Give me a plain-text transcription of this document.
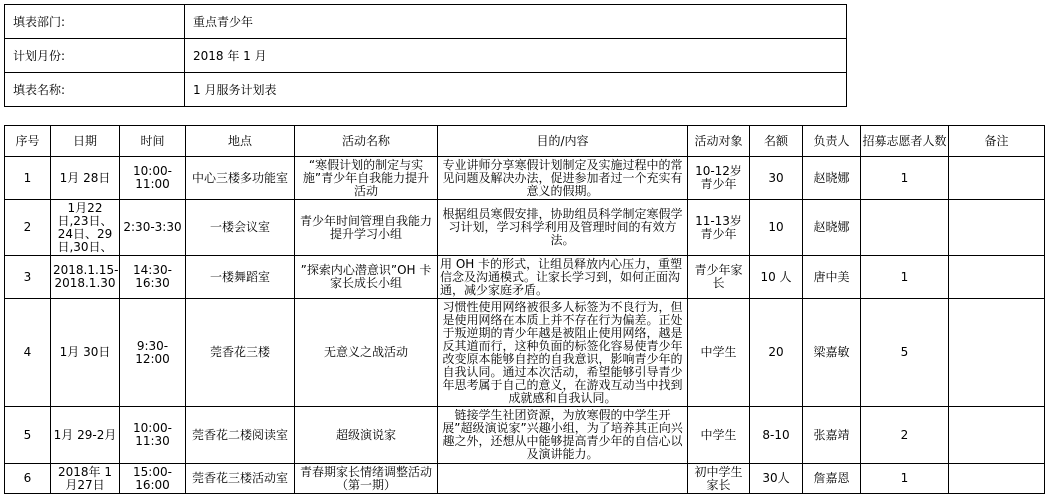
填表部门:	重点青少年
计划月份:	2018 年 1 月
填表名称:	1 月服务计划表
序号	日期	时间	地点	活动名称	目的/内容	活动对象	名额	负责人	招募志愿者人数	备注
1	1月 28日	10:00-11:00	中心三楼多功能室	“寒假计划的制定与实施”青少年自我能力提升活动	专业讲师分享寒假计划制定及实施过程中的常见问题及解决办法，促进参加者过一个充实有意义的假期。	10-12岁青少年	30	赵晓娜	1	
2	1月22日,23日、24日、29日,30日、	2:30-3:30	一楼会议室	青少年时间管理自我能力提升学习小组	根据组员寒假安排，协助组员科学制定寒假学习计划，学习科学利用及管理时间的有效方法。	11-13岁青少年	10	赵晓娜		
3	2018.1.15-2018.1.30	14:30-16:30	一楼舞蹈室	”探索内心潜意识”OH 卡家长成长小组	用 OH 卡的形式，让组员释放内心压力，重塑信念及沟通模式。让家长学习到，如何正面沟通，减少家庭矛盾。	青少年家长	10 人	唐中美	1	
4	1月 30日	9:30-12:00	莞香花三楼	无意义之战活动	习惯性使用网络被很多人标签为不良行为，但是使用网络在本质上并不存在行为偏差。正处于叛逆期的青少年越是被阻止使用网络，越是反其道而行，这种负面的标签化容易使青少年改变原本能够自控的自我意识，影响青少年的自我认同。通过本次活动，希望能够引导青少年思考属于自己的意义，在游戏互动当中找到成就感和自我认同。	中学生	20	梁嘉敏	5	
5	1月 29-2月	10:00-11:30	莞香花二楼阅读室	超级演说家	链接学生社团资源，为放寒假的中学生开展”超级演说家”兴趣小组，为了培养其正向兴趣之外，还想从中能够提高青少年的自信心以及演讲能力。	中学生	8-10	张嘉靖	2	
6	2018年 1月27日	15:00-16:00	莞香花三楼活动室	青春期家长情绪调整活动（第一期）		初中学生家长	30人	詹嘉恩	1	
